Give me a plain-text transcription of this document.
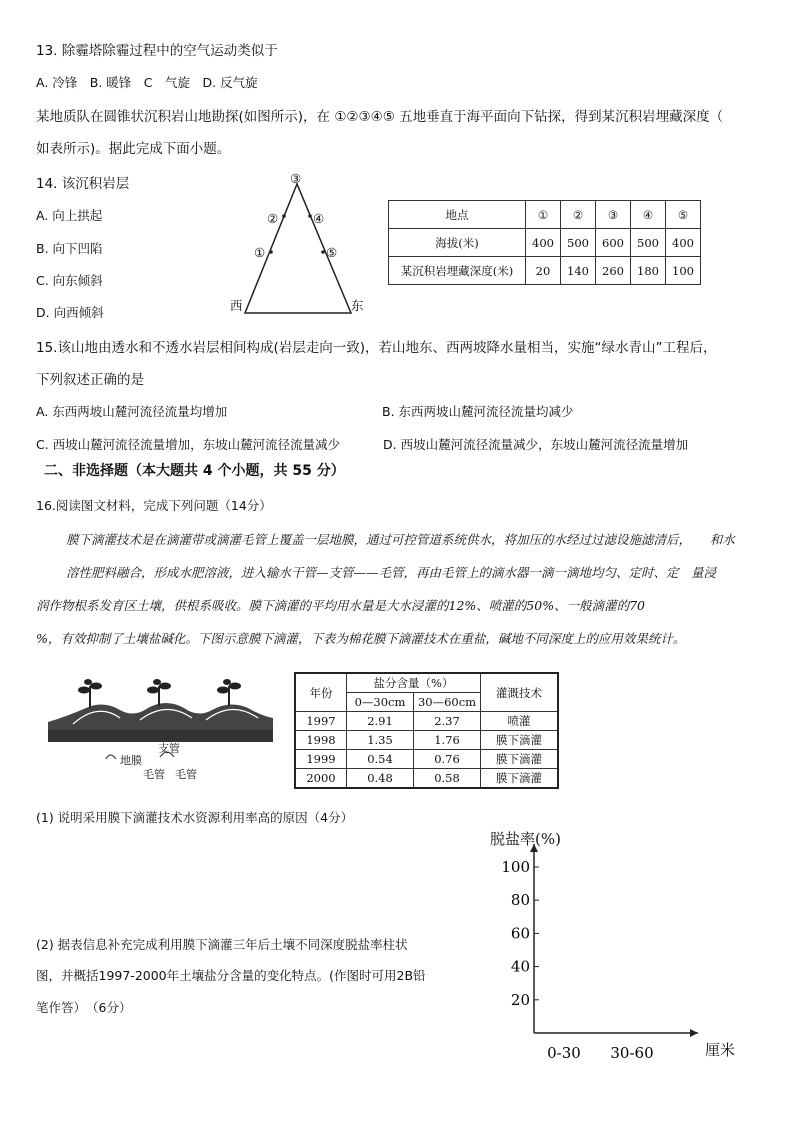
13. 除霾塔除霾过程中的空气运动类似于
A. 冷锋　B. 暖锋　C　气旋　D. 反气旋
某地质队在圆锥状沉积岩山地勘探(如图所示)，在 ①②③④⑤ 五地垂直于海平面向下钻探，得到某沉积岩埋藏深度（
如表所示)。据此完成下面小题。
14. 该沉积岩层
A. 向上拱起
B. 向下凹陷
C. 向东倾斜
D. 向西倾斜
③
②	④
①	⑤
西	东
地点	①	②	③	④	⑤
海拔(米)	400	500	600	500	400
某沉积岩埋藏深度(米)	20	140	260	180	100
15.该山地由透水和不透水岩层相间构成(岩层走向一致)，若山地东、西两坡降水量相当，实施“绿水青山”工程后，
下列叙述正确的是
A. 东西两坡山麓河流径流量均增加	B. 东西两坡山麓河流径流量均减少
C. 西坡山麓河流径流量增加，东坡山麓河流径流量减少	D. 西坡山麓河流径流量减少，东坡山麓河流径流量增加
二、非选择题（本大题共 4 个小题，共 55 分）
16.阅读图文材料，完成下列问题（14分）
膜下滴灌技术是在滴灌带或滴灌毛管上覆盖一层地膜，通过可控管道系统供水，将加压的水经过过滤设施滤清后，　　和水
溶性肥料融合，形成水肥溶液，进入输水干管—支管——毛管，再由毛管上的滴水器一滴一滴地均匀、定时、定　量浸
润作物根系发育区土壤，供根系吸收。膜下滴灌的平均用水量是大水浸灌的12%、喷灌的50%、一般滴灌的70
%，有效抑制了土壤盐碱化。下图示意膜下滴灌，下表为棉花膜下滴灌技术在重盐，碱地不同深度上的应用效果统计。
地膜
支管
毛管 毛管
年份	盐分含量（%）		灌溉技术
	0—30cm	30—60cm	
1997	2.91	2.37	喷灌
1998	1.35	1.76	膜下滴灌
1999	0.54	0.76	膜下滴灌
2000	0.48	0.58	膜下滴灌
(1) 说明采用膜下滴灌技术水资源利用率高的原因（4分）
(2) 据表信息补充完成利用膜下滴灌三年后土壤不同深度脱盐率柱状
图，并概括1997-2000年土壤盐分含量的变化特点。(作图时可用2B铅
笔作答）　（6分）
100
80
60
40
20
0-30 30-60
脱盐率(%)
厘米
